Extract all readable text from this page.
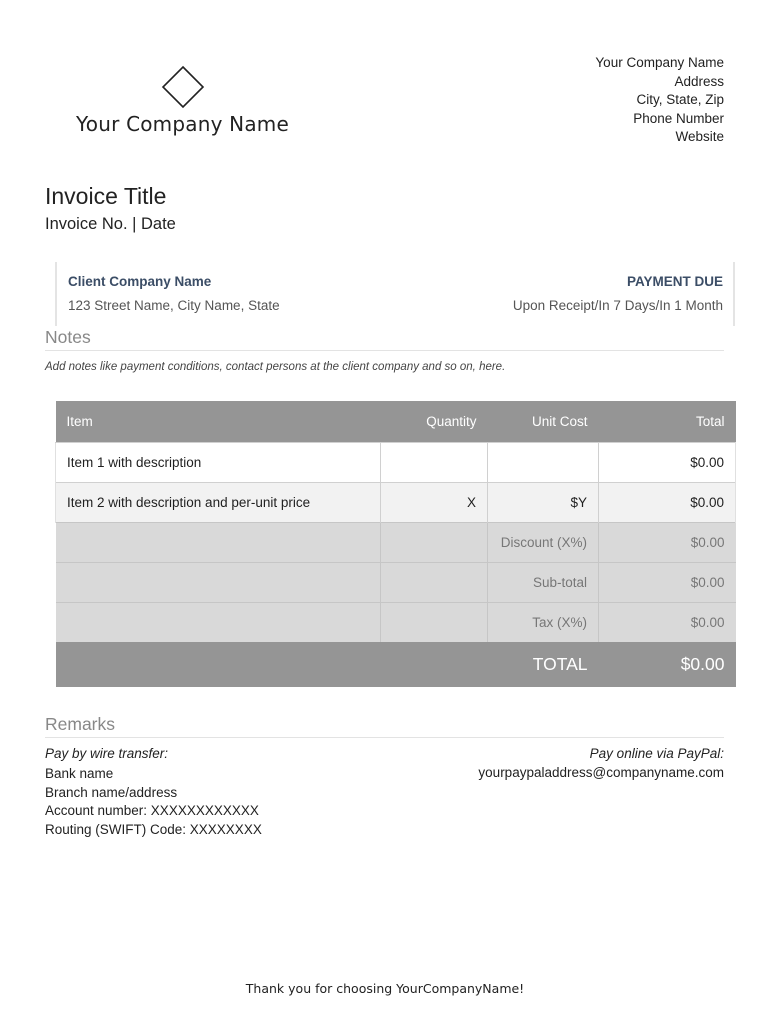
Your Company Name
Your Company Name
Address
City, State, Zip
Phone Number
Website
Invoice Title
Invoice No. | Date
Client Company Name
123 Street Name, City Name, State
PAYMENT DUE
Upon Receipt/In 7 Days/In 1 Month
Notes
Add notes like payment conditions, contact persons at the client company and so on, here.
Item	Quantity	Unit Cost	Total
Item 1 with description			$0.00
Item 2 with description and per-unit price	X	$Y	$0.00
		Discount (X%)	$0.00
		Sub-total	$0.00
		Tax (X%)	$0.00
		TOTAL	$0.00
Remarks
Pay by wire transfer:
Bank name
Branch name/address
Account number: XXXXXXXXXXXX
Routing (SWIFT) Code: XXXXXXXX
Pay online via PayPal:
yourpaypaladdress@companyname.com
Thank you for choosing YourCompanyName!
